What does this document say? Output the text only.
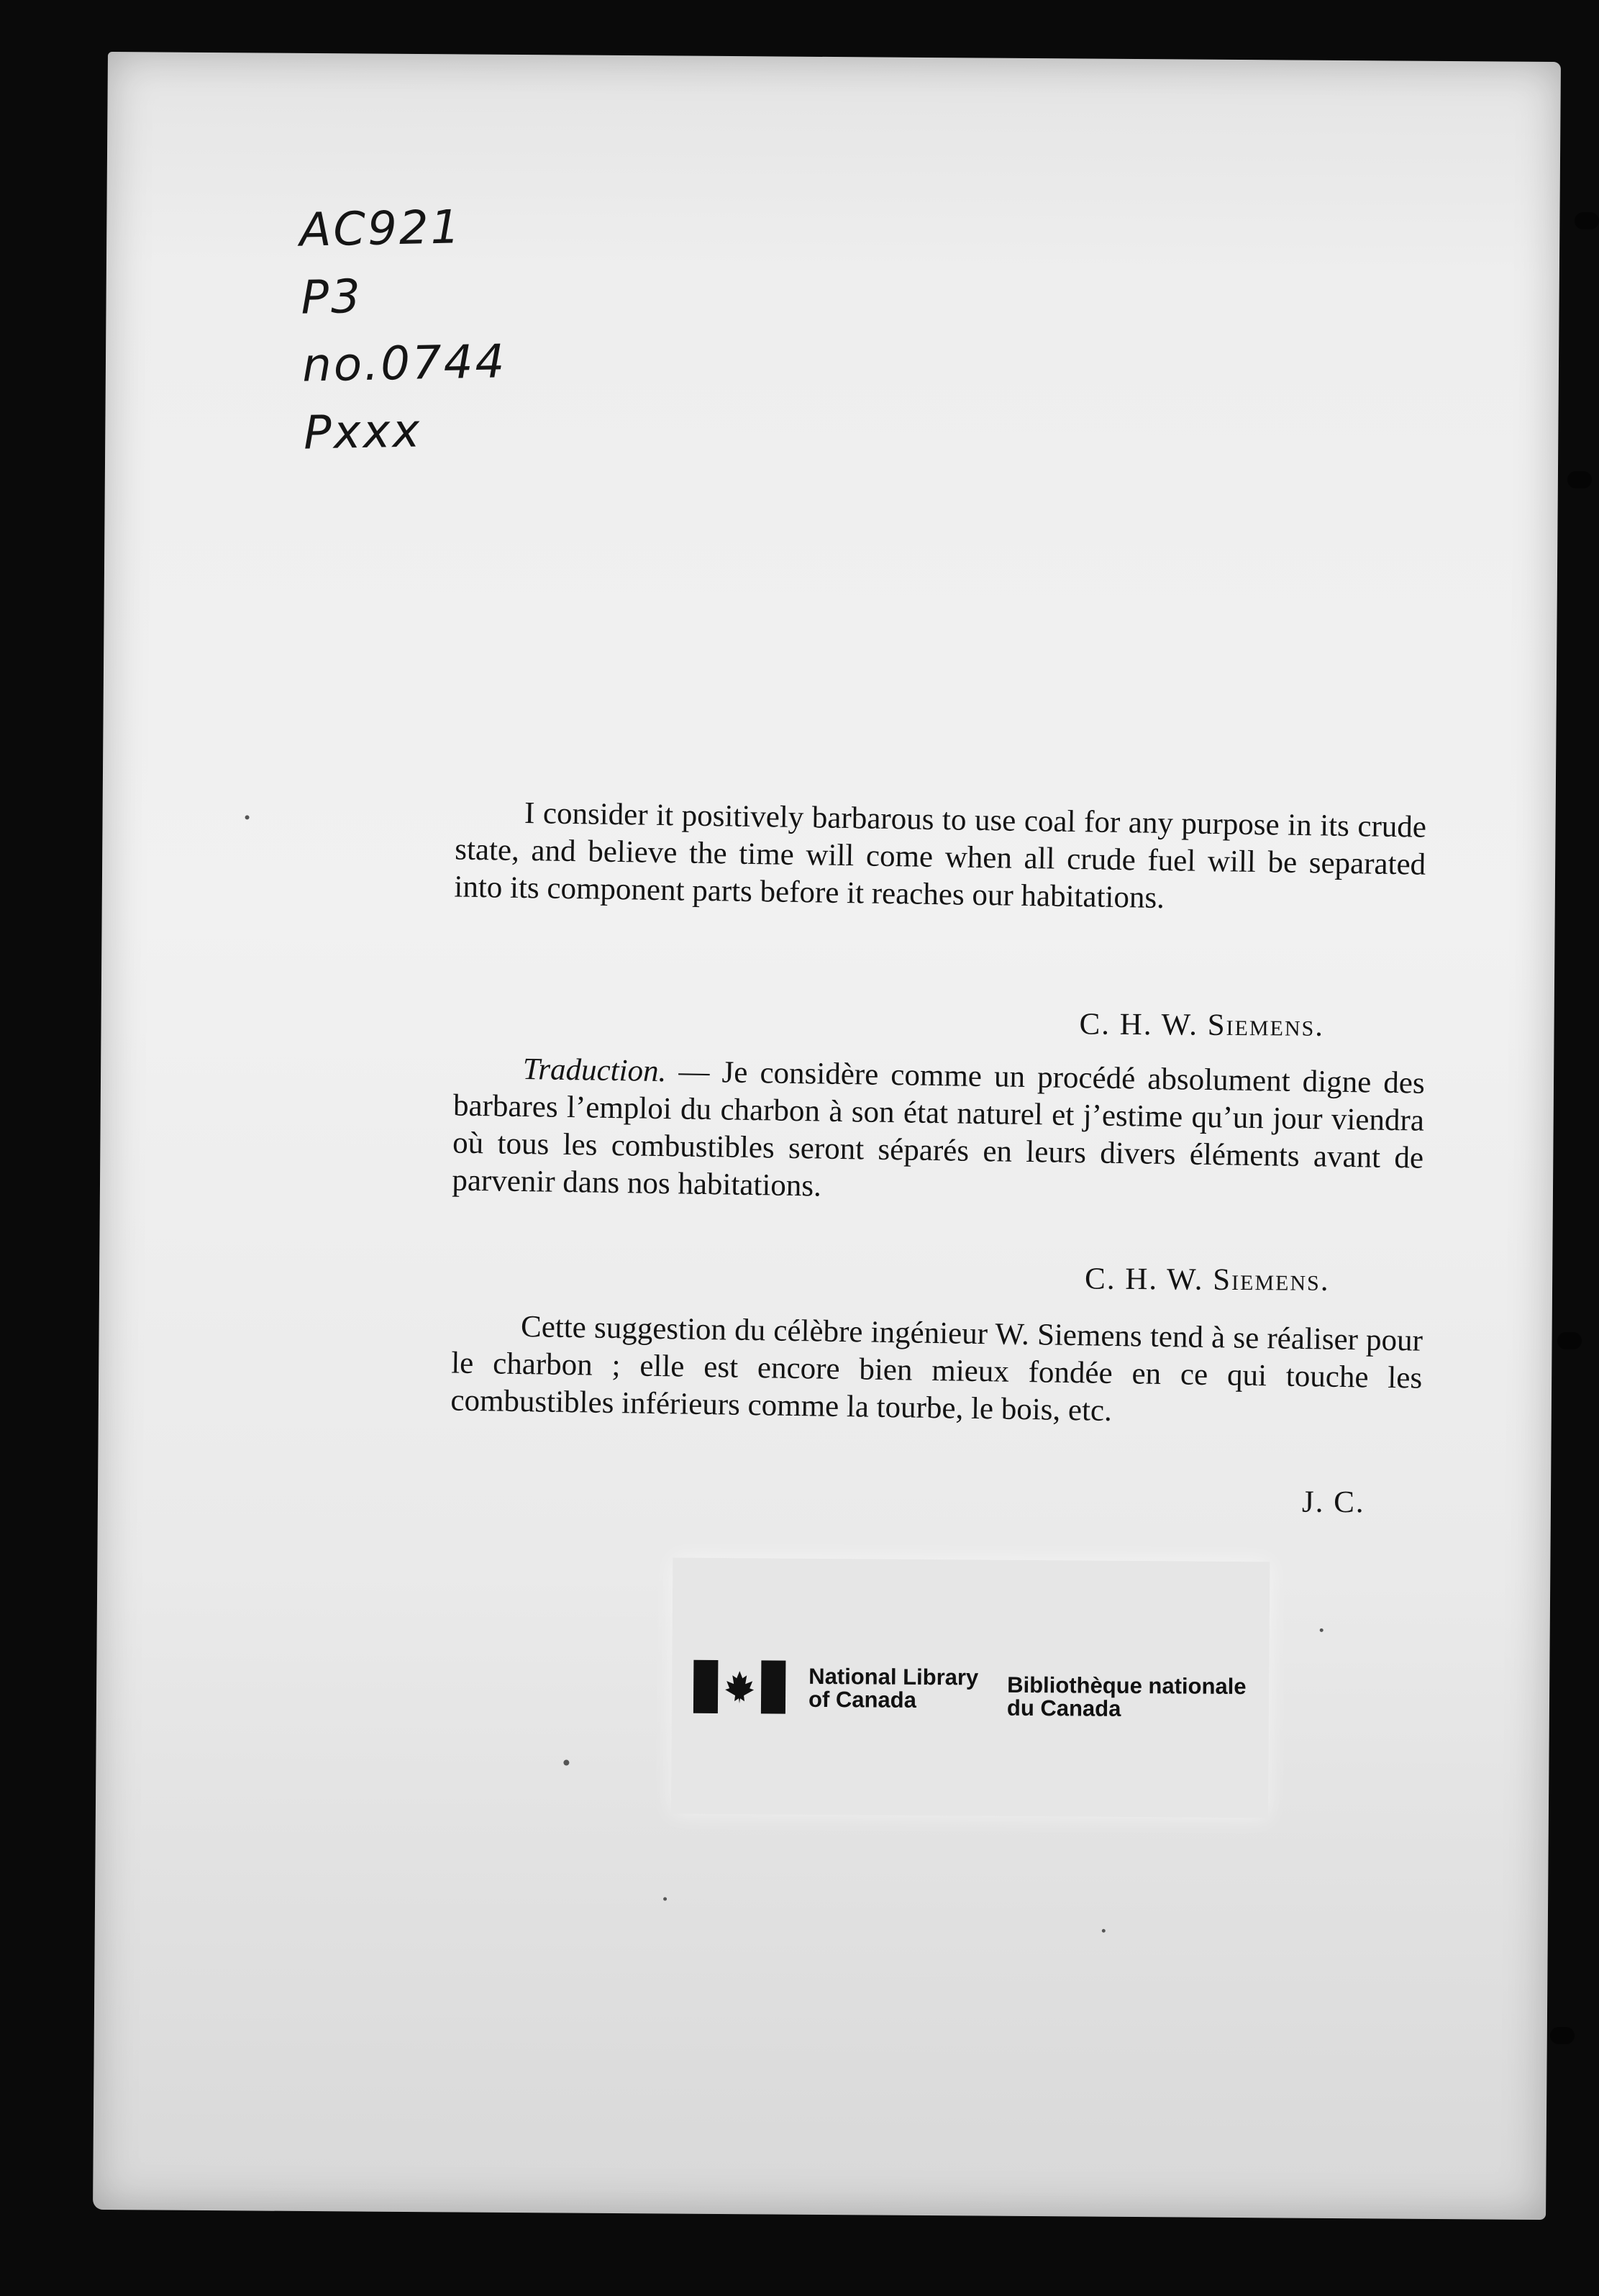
AC921
P3
no.0744
Pxxx

I consider it positively barbarous to use coal for any purpose in its crude state, and believe the time will come when all crude fuel will be separated into its component parts before it reaches our habitations.

C. H. W. Siemens.

Traduction. — Je considère comme un procédé absolument digne des barbares l’emploi du charbon à son état naturel et j’estime qu’un jour viendra où tous les combustibles seront séparés en leurs divers éléments avant de parvenir dans nos habitations.

C. H. W. Siemens.

Cette suggestion du célèbre ingénieur W. Siemens tend à se réaliser pour le charbon ; elle est encore bien mieux fondée en ce qui touche les combustibles inférieurs comme la tourbe, le bois, etc.

J. C.
National Library
of Canada
Bibliothèque nationale
du Canada
